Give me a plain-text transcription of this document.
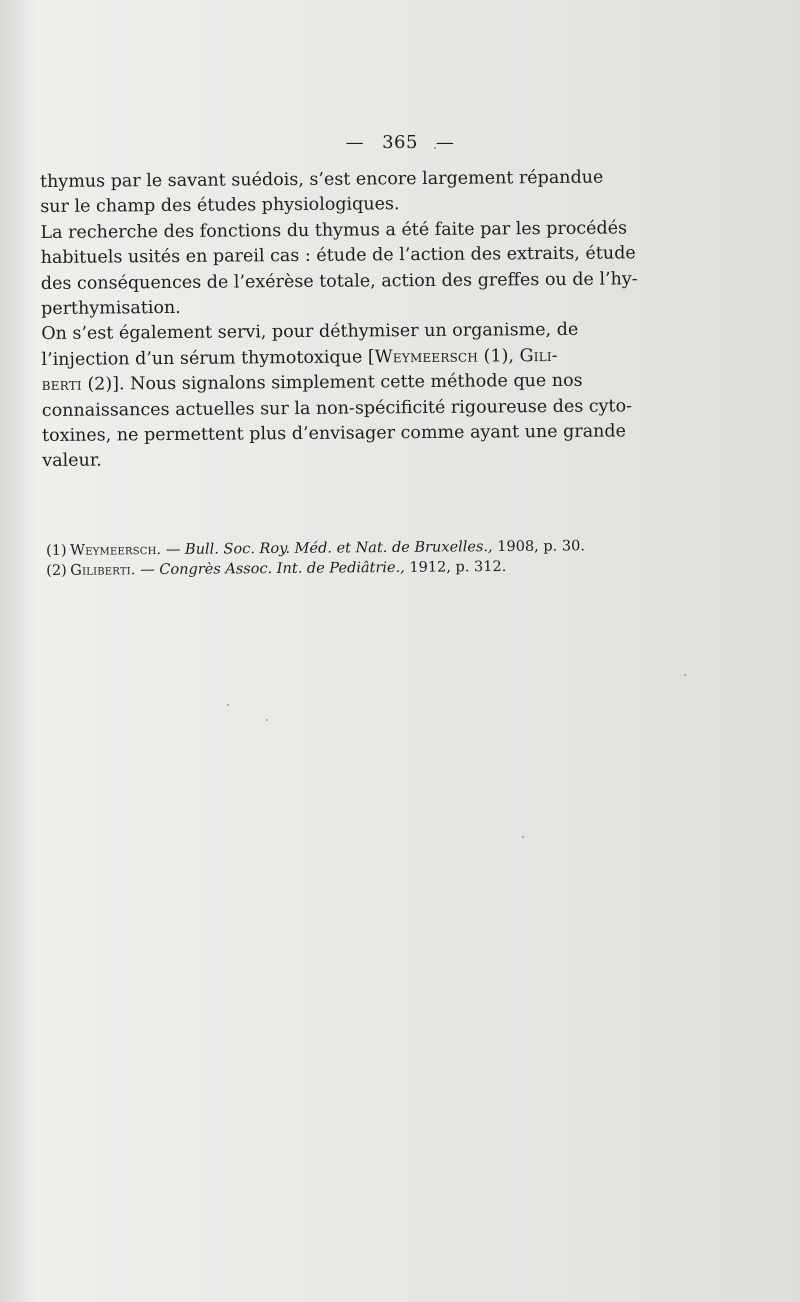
— 365 —

thymus par le savant suédois, s’est encore largement répandue
sur le champ des études physiologiques.

La recherche des fonctions du thymus a été faite par les procédés
habituels usités en pareil cas : étude de l’action des extraits, étude
des conséquences de l’exérèse totale, action des greffes ou de l’hy-
perthymisation.

On s’est également servi, pour déthymiser un organisme, de
l’injection d’un sérum thymotoxique [Weymeersch (1), Gili-
berti (2)]. Nous signalons simplement cette méthode que nos
connaissances actuelles sur la non-spécificité rigoureuse des cyto-
toxines, ne permettent plus d’envisager comme ayant une grande
valeur.

(1) Weymeersch. — Bull. Soc. Roy. Méd. et Nat. de Bruxelles., 1908, p. 30.

(2) Giliberti. — Congrès Assoc. Int. de Pediâtrie., 1912, p. 312.
